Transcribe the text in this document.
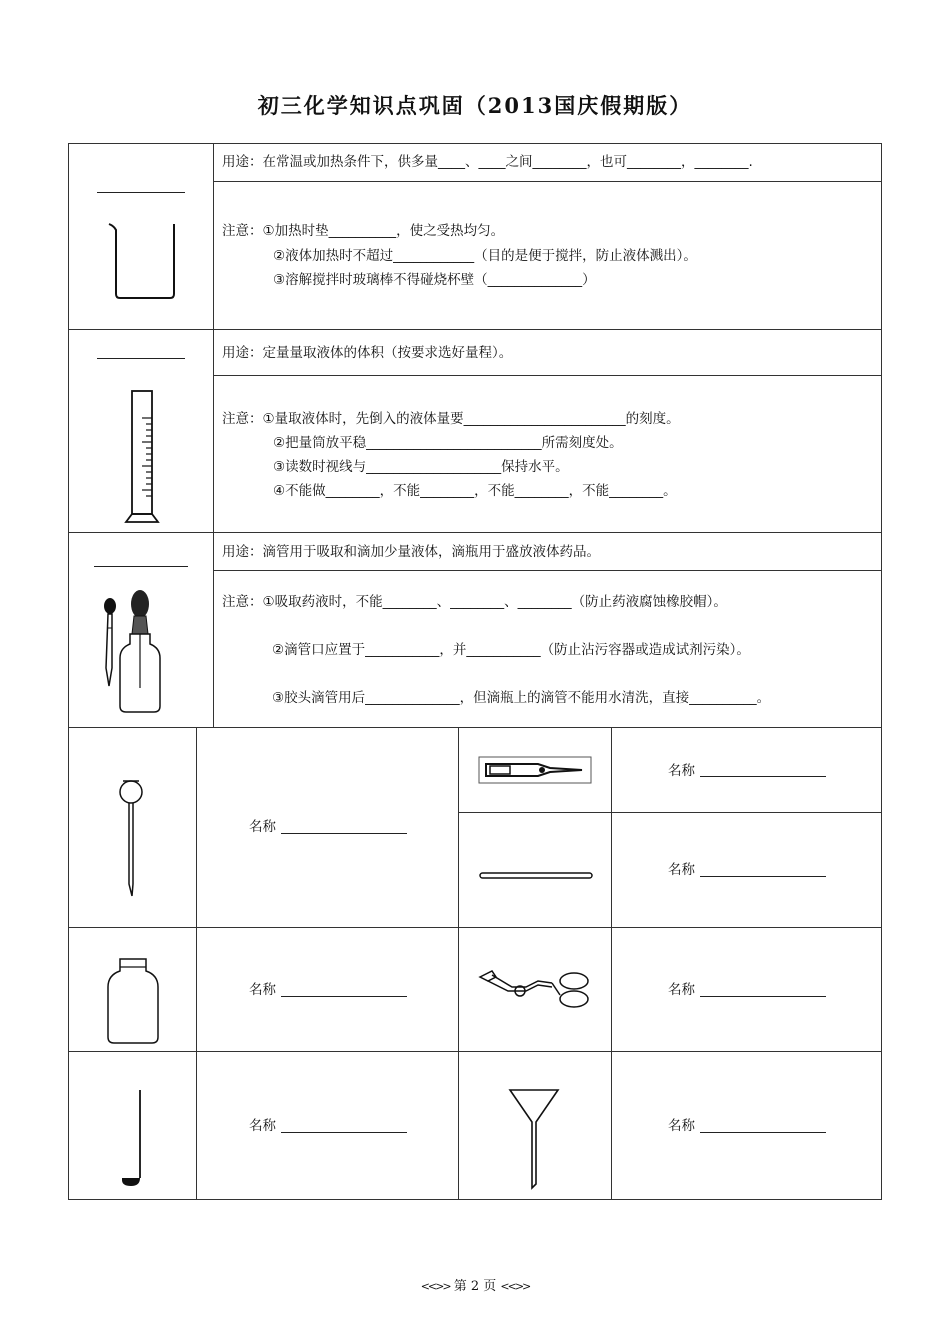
初三化学知识点巩固（2013国庆假期版）
用途：在常温或加热条件下，供多量____、____之间________，也可________，________.
注意：①加热时垫__________，使之受热均匀。
②液体加热时不超过____________（目的是便于搅拌，防止液体溅出）。
③溶解搅拌时玻璃棒不得碰烧杯壁（______________）
用途：定量量取液体的体积（按要求选好量程）。
注意：①量取液体时，先倒入的液体量要________________________的刻度。
②把量筒放平稳__________________________所需刻度处。
③读数时视线与____________________保持水平。
④不能做________，不能________，不能________，不能________。
用途：滴管用于吸取和滴加少量液体，滴瓶用于盛放液体药品。
注意：①吸取药液时，不能________、________、________（防止药液腐蚀橡胶帽）。
②滴管口应置于___________，并___________（防止沾污容器或造成试剂污染）。
③胶头滴管用后______________，但滴瓶上的滴管不能用水清洗，直接__________。
名称
名称
名称
名称	名称
名称	名称
<<>> 第 2 页 <<>>
